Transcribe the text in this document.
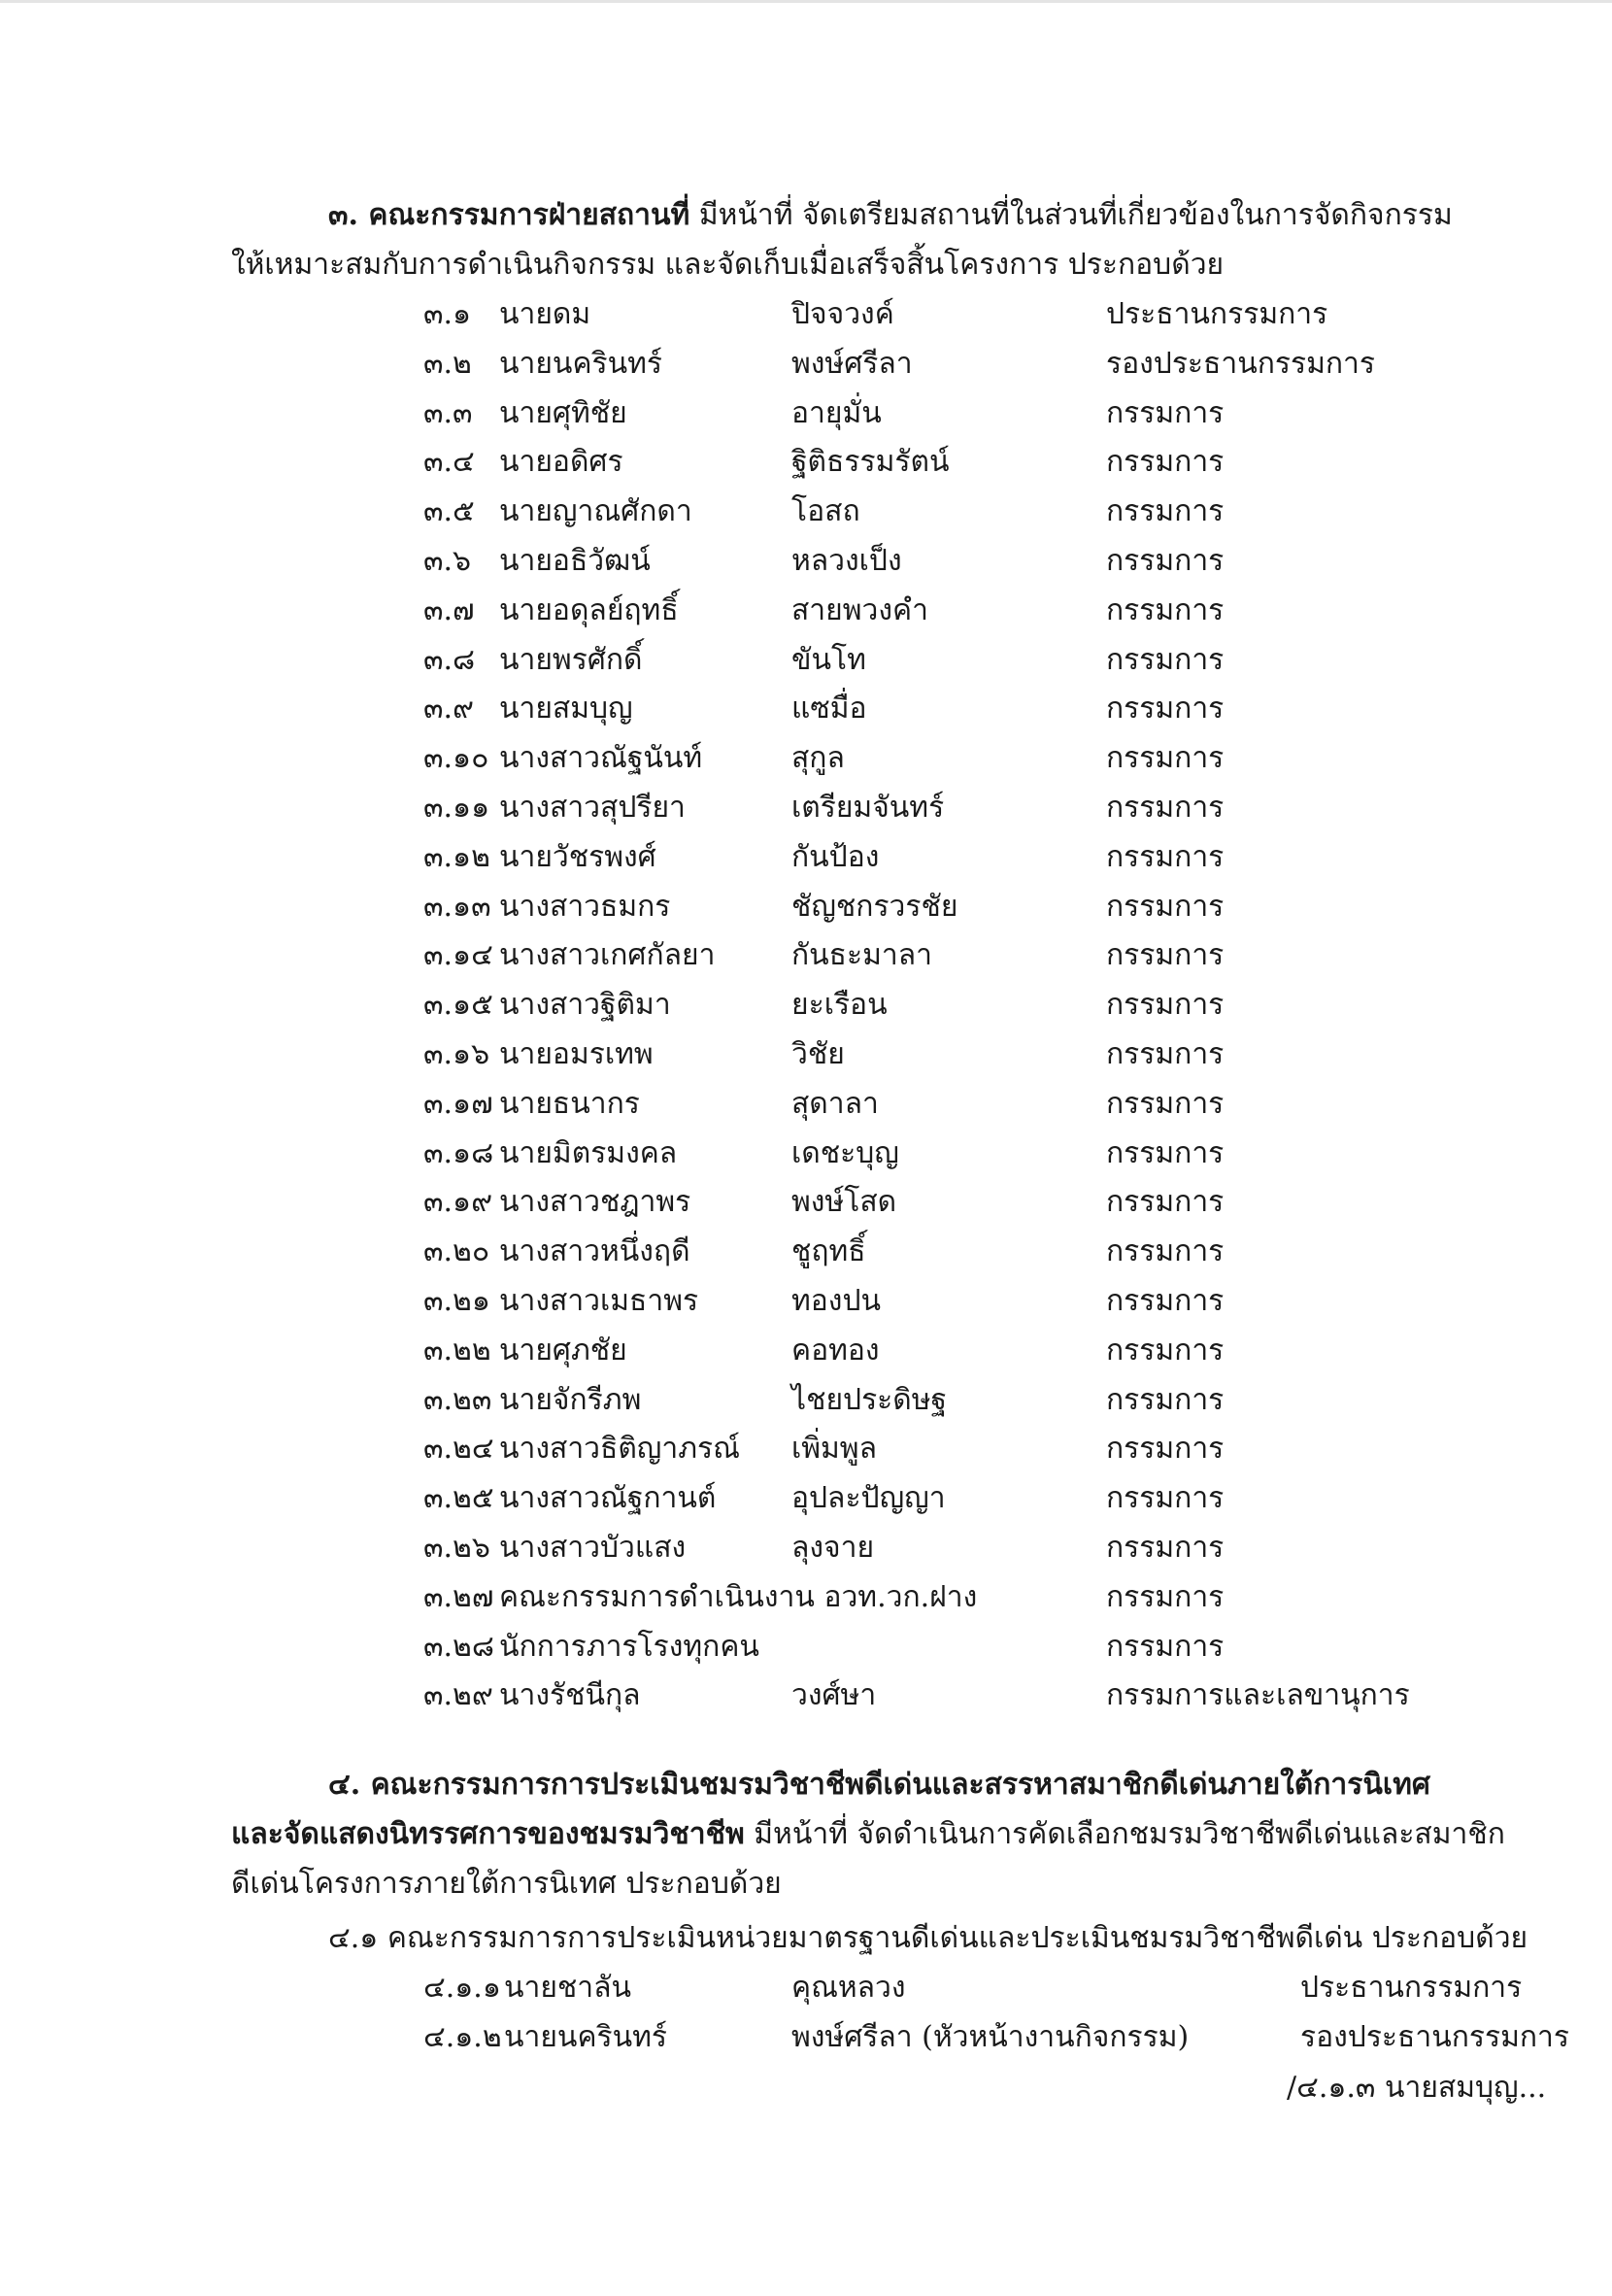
๓. คณะกรรมการฝ่ายสถานที่ มีหน้าที่ จัดเตรียมสถานที่ในส่วนที่เกี่ยวข้องในการจัดกิจกรรม
ให้เหมาะสมกับการดำเนินกิจกรรม และจัดเก็บเมื่อเสร็จสิ้นโครงการ ประกอบด้วย
๓.๑ นายดม	ปิจจวงค์	ประธานกรรมการ
๓.๒ นายนครินทร์	พงษ์ศรีลา	รองประธานกรรมการ
๓.๓ นายศุทิชัย	อายุมั่น	กรรมการ
๓.๔ นายอดิศร	ฐิติธรรมรัตน์	กรรมการ
๓.๕ นายญาณศักดา	โอสถ	กรรมการ
๓.๖ นายอธิวัฒน์	หลวงเป็ง	กรรมการ
๓.๗ นายอดุลย์ฤทธิ์	สายพวงคำ	กรรมการ
๓.๘ นายพรศักดิ์	ขันโท	กรรมการ
๓.๙ นายสมบุญ	แซมื่อ	กรรมการ
๓.๑๐ นางสาวณัฐนันท์	สุกูล	กรรมการ
๓.๑๑ นางสาวสุปรียา	เตรียมจันทร์	กรรมการ
๓.๑๒ นายวัชรพงศ์	กันป้อง	กรรมการ
๓.๑๓ นางสาวธมกร	ชัญชกรวรชัย	กรรมการ
๓.๑๔ นางสาวเกศกัลยา	กันธะมาลา	กรรมการ
๓.๑๕ นางสาวฐิติมา	ยะเรือน	กรรมการ
๓.๑๖ นายอมรเทพ	วิชัย	กรรมการ
๓.๑๗ นายธนากร	สุดาลา	กรรมการ
๓.๑๘ นายมิตรมงคล	เดชะบุญ	กรรมการ
๓.๑๙ นางสาวชฎาพร	พงษ์โสด	กรรมการ
๓.๒๐ นางสาวหนึ่งฤดี	ชูฤทธิ์	กรรมการ
๓.๒๑ นางสาวเมธาพร	ทองปน	กรรมการ
๓.๒๒ นายศุภชัย	คอทอง	กรรมการ
๓.๒๓ นายจักรีภพ	ไชยประดิษฐ	กรรมการ
๓.๒๔ นางสาวธิติญาภรณ์ เพิ่มพูล	กรรมการ
๓.๒๕ นางสาวณัฐกานต์	อุปละปัญญา	กรรมการ
๓.๒๖ นางสาวบัวแสง	ลุงจาย	กรรมการ
๓.๒๗ คณะกรรมการดำเนินงาน อวท.วก.ฝาง	กรรมการ
๓.๒๘ นักการภารโรงทุกคน	กรรมการ
๓.๒๙ นางรัชนีกุล	วงศ์ษา	กรรมการและเลขานุการ
๔. คณะกรรมการการประเมินชมรมวิชาชีพดีเด่นและสรรหาสมาชิกดีเด่นภายใต้การนิเทศ
และจัดแสดงนิทรรศการของชมรมวิชาชีพ มีหน้าที่ จัดดำเนินการคัดเลือกชมรมวิชาชีพดีเด่นและสมาชิก
ดีเด่นโครงการภายใต้การนิเทศ ประกอบด้วย
๔.๑ คณะกรรมการการประเมินหน่วยมาตรฐานดีเด่นและประเมินชมรมวิชาชีพดีเด่น ประกอบด้วย
๔.๑.๑ นายชาลัน	คุณหลวง	ประธานกรรมการ
๔.๑.๒ นายนครินทร์	พงษ์ศรีลา (หัวหน้างานกิจกรรม)	รองประธานกรรมการ
/๔.๑.๓ นายสมบุญ...
